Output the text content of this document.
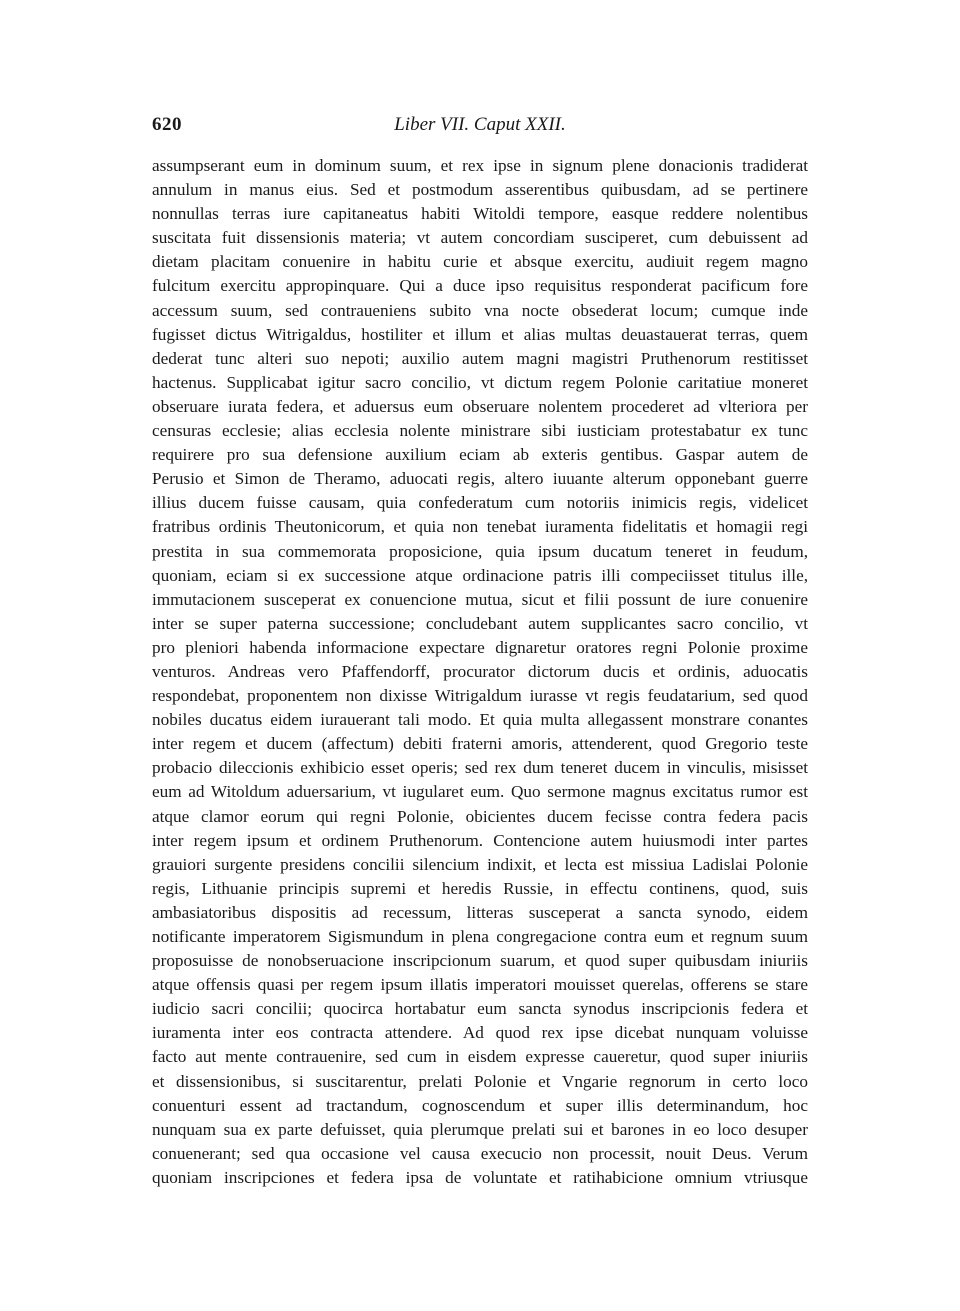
620	Liber VII. Caput XXII.
assumpserant eum in dominum suum, et rex ipse in signum plene donacionis tradiderat
annulum in manus eius. Sed et postmodum asserentibus quibusdam, ad se pertinere
nonnullas terras iure capitaneatus habiti Witoldi tempore, easque reddere nolentibus
suscitata fuit dissensionis materia; vt autem concordiam susciperet, cum debuissent ad
dietam placitam conuenire in habitu curie et absque exercitu, audiuit regem magno
fulcitum exercitu appropinquare. Qui a duce ipso requisitus responderat pacificum fore
accessum suum, sed contraueniens subito vna nocte obsederat locum; cumque inde
fugisset dictus Witrigaldus, hostiliter et illum et alias multas deuastauerat terras, quem
dederat tunc alteri suo nepoti; auxilio autem magni magistri Pruthenorum restitisset
hactenus. Supplicabat igitur sacro concilio, vt dictum regem Polonie caritatiue moneret
obseruare iurata federa, et aduersus eum obseruare nolentem procederet ad vlteriora per
censuras ecclesie; alias ecclesia nolente ministrare sibi iusticiam protestabatur ex tunc
requirere pro sua defensione auxilium eciam ab exteris gentibus. Gaspar autem de
Perusio et Simon de Theramo, aduocati regis, altero iuuante alterum opponebant guerre
illius ducem fuisse causam, quia confederatum cum notoriis inimicis regis, videlicet
fratribus ordinis Theutonicorum, et quia non tenebat iuramenta fidelitatis et homagii regi
prestita in sua commemorata proposicione, quia ipsum ducatum teneret in feudum,
quoniam, eciam si ex successione atque ordinacione patris illi compeciisset titulus ille,
immutacionem susceperat ex conuencione mutua, sicut et filii possunt de iure conuenire
inter se super paterna successione; concludebant autem supplicantes sacro concilio, vt
pro pleniori habenda informacione expectare dignaretur oratores regni Polonie proxime
venturos. Andreas vero Pfaffendorff, procurator dictorum ducis et ordinis, aduocatis
respondebat, proponentem non dixisse Witrigaldum iurasse vt regis feudatarium, sed quod
nobiles ducatus eidem iurauerant tali modo. Et quia multa allegassent monstrare conantes
inter regem et ducem (affectum) debiti fraterni amoris, attenderent, quod Gregorio teste
probacio dileccionis exhibicio esset operis; sed rex dum teneret ducem in vinculis, misisset
eum ad Witoldum aduersarium, vt iugularet eum. Quo sermone magnus excitatus rumor est
atque clamor eorum qui regni Polonie, obicientes ducem fecisse contra federa pacis
inter regem ipsum et ordinem Pruthenorum. Contencione autem huiusmodi inter partes
grauiori surgente presidens concilii silencium indixit, et lecta est missiua Ladislai Polonie
regis, Lithuanie principis supremi et heredis Russie, in effectu continens, quod, suis
ambasiatoribus dispositis ad recessum, litteras susceperat a sancta synodo, eidem
notificante imperatorem Sigismundum in plena congregacione contra eum et regnum suum
proposuisse de nonobseruacione inscripcionum suarum, et quod super quibusdam iniuriis
atque offensis quasi per regem ipsum illatis imperatori mouisset querelas, offerens se stare
iudicio sacri concilii; quocirca hortabatur eum sancta synodus inscripcionis federa et
iuramenta inter eos contracta attendere. Ad quod rex ipse dicebat nunquam voluisse
facto aut mente contrauenire, sed cum in eisdem expresse caueretur, quod super iniuriis
et dissensionibus, si suscitarentur, prelati Polonie et Vngarie regnorum in certo loco
conuenturi essent ad tractandum, cognoscendum et super illis determinandum, hoc
nunquam sua ex parte defuisset, quia plerumque prelati sui et barones in eo loco desuper
conuenerant; sed qua occasione vel causa execucio non processit, nouit Deus. Verum
quoniam inscripciones et federa ipsa de voluntate et ratihabicione omnium vtriusque
